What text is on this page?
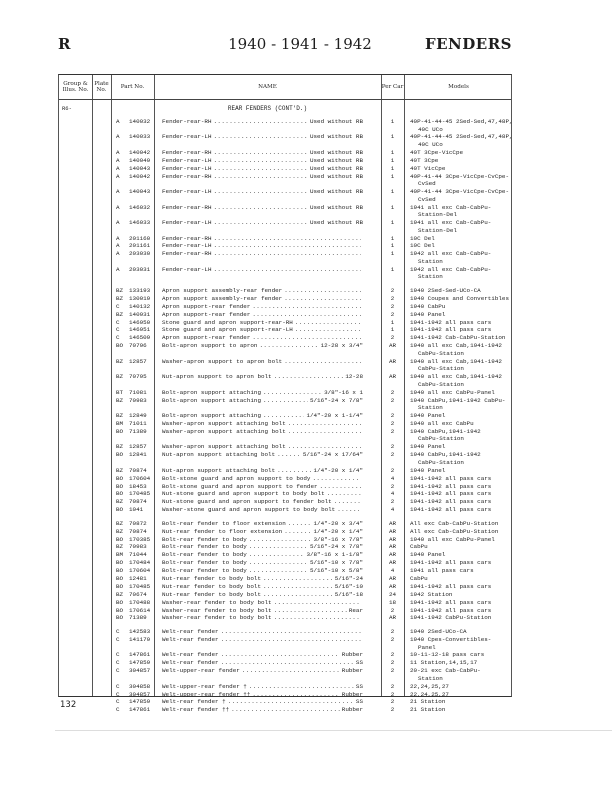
R	1940 - 1941 - 1942	FENDERS
Group & Illus. No.
Plate No.	Part No.	NAME	Per Car	Models
R6-	REAR FENDERS (CONT'D.)
A 140032 Fender-rear-RH .....	Used without RB	1	40P-41-44-45 2Sed-Sed,47,48P,
40C UCo
A 140033 Fender-rear-LH .....	Used without RB	1	40P-41-44-45 2Sed-Sed,47,48P,
40C UCo
A 140042 Fender-rear-RH .....	Used without RB	1	40T 3Cpe-VicCpe
A 140049 Fender-rear-LH .....	Used without RB	1	40T 3Cpe
A 140043 Fender-rear-LH .....	Used without RB	1	40T VicCpe
A 140042 Fender-rear-RH .....	Used without RB	1	40P-41-44 3Cpe-VicCpe-CvCpe-
CvSed
A 140043 Fender-rear-LH .....	Used without RB	1	40P-41-44 3Cpe-VicCpe-CvCpe-
CvSed
A 146032 Fender-rear-RH .....	Used without RB	1	1941 all exc Cab-CabPu-
Station-Del
A 146033 Fender-rear-LH .....	Used without RB	1	1941 all exc Cab-CabPu-
Station-Del
A 201160 Fender-rear-RH .....	1	10C Del
A 201161 Fender-rear-LH .....	1	10C Del
A 203030 Fender-rear-RH .....	1	1942 all exc Cab-CabPu-
Station
A 203031 Fender-rear-LH .....	1	1942 all exc Cab-CabPu-
Station
BZ 133193 Apron support assembly-rear fender .....	2	1940 2Sed-Sed-UCo-CA
BZ 130019 Apron support assembly-rear fender .....	2	1940 Coupes and Convertibles
C 140132 Apron support-rear fender .....	2	1940 CabPu
BZ 140931 Apron support-rear fender .....	2	1940 Panel
C 146950 Stone guard and apron support-rear-RH .....	1	1941-1942 all pass cars
C 146951 Stone guard and apron support-rear-LH .....	1	1941-1942 all pass cars
C 146509 Apron support-rear fender .....	2	1941-1942 Cab-CabPu-Station
BO 70796	Bolt-apron support to apron .....	12-28 x 3/4"	AR	1940 all exc Cab,1941-1942
CabPu-Station
BZ 12857	Washer-apron support to apron bolt .....	AR	1940 all exc Cab,1941-1942
CabPu-Station
BZ 70795	Nut-apron support to apron bolt .....	12-28	AR	1940 all exc Cab,1941-1942
CabPu-Station
BT 71081	Bolt-apron support attaching .....	3/8"-16 x 1	2	1940 all exc CabPu-Panel
BZ 70983	Bolt-apron support attaching .....	5/16"-24 x 7/8"	2	1940 CabPu,1941-1942 CabPu-
Station
BZ 12849	Bolt-apron support attaching .....	1/4"-20 x 1-1/4"	2	1940 Panel
BM 71011	Washer-apron support attaching bolt .....	2	1940 all exc CabPu
BO 71389	Washer-apron support attaching bolt .....	2	1940 CabPu,1941-1942
CabPu-Station
BZ 12857	Washer-apron support attaching bolt .....	2	1940 Panel
BO 12841	Nut-apron support attaching bolt .....	5/16"-24 x 17/64"	2	1940 CabPu,1941-1942
CabPu-Station
BZ 70874	Nut-apron support attaching bolt .....	1/4"-20 x 1/4"	2	1940 Panel
BO 170604 Bolt-stone guard and apron support to body .....	4	1941-1942 all pass cars
BO 18453	Bolt-stone guard and apron support to fender .....	2	1941-1942 all pass cars
BO 170485 Nut-stone guard and apron support to body bolt .....	4	1941-1942 all pass cars
BZ 70874	Nut-stone guard and apron support to fender bolt .....	2	1941-1942 all pass cars
BO 1041	Washer-stone guard and apron support to body bolt .....	4	1941-1942 all pass cars
BZ 70872	Bolt-rear fender to floor extension .....	1/4"-20 x 3/4"	AR	All exc Cab-CabPu-Station
BZ 70874	Nut-rear fender to floor extension .....	1/4"-20 x 1/4"	AR	All exc Cab-CabPu-Station
BO 170385 Bolt-rear fender to body .....	3/8"-16 x 7/8"	AR	1940 all exc CabPu-Panel
BZ 70983	Bolt-rear fender to body .....	5/16"-24 x 7/8"	AR	CabPu
BM 71044	Bolt-rear fender to body .....	3/8"-16 x 1-1/8"	AR	1940 Panel
BO 170484 Bolt-rear fender to body .....	5/16"-10 x 7/8"	AR	1941-1942 all pass cars
BO 170604 Bolt-rear fender to body .....	5/16"-10 x 5/8"	4	1941 all pass cars
BO 12481	Nut-rear fender to body bolt .....	5/16"-24	AR	CabPu
BO 170485 Nut-rear fender to body bolt .....	5/16"-10	AR	1941-1942 all pass cars
BZ 70674	Nut-rear fender to body bolt .....	5/16"-18	24	1942 Station
BO 170488 Washer-rear fender to body bolt .....	18	1941-1942 all pass cars
BO 170614 Washer-rear fender to body bolt .....	Rear	2	1941-1942 all pass cars
BO 71389	Washer-rear fender to body bolt .....	AR	1941-1942 CabPu-Station
C 142583 Welt-rear fender .....	2	1940 2Sed-UCo-CA
C 141179 Welt-rear fender .....	2	1940 Cpes-Convertibles-
Panel
C 147861 Welt-rear fender .....	Rubber	2	10-11-12-18 pass cars
C 147859 Welt-rear fender .....	SS	2	11 Station,14,15,17
C 304857 Welt-upper-rear fender .....	Rubber	2	20-21 exc Cab-CabPu-
Station
C 304858 Welt-upper-rear fender † .....	SS	2	22,24,25,27
C 304857 Welt-upper-rear fender †† .....	Rubber	2	22,24,25,27
C 147859 Welt-rear fender † .....	SS	2	21 Station
C 147861 Welt-rear fender †† .....	Rubber	2	21 Station
132
